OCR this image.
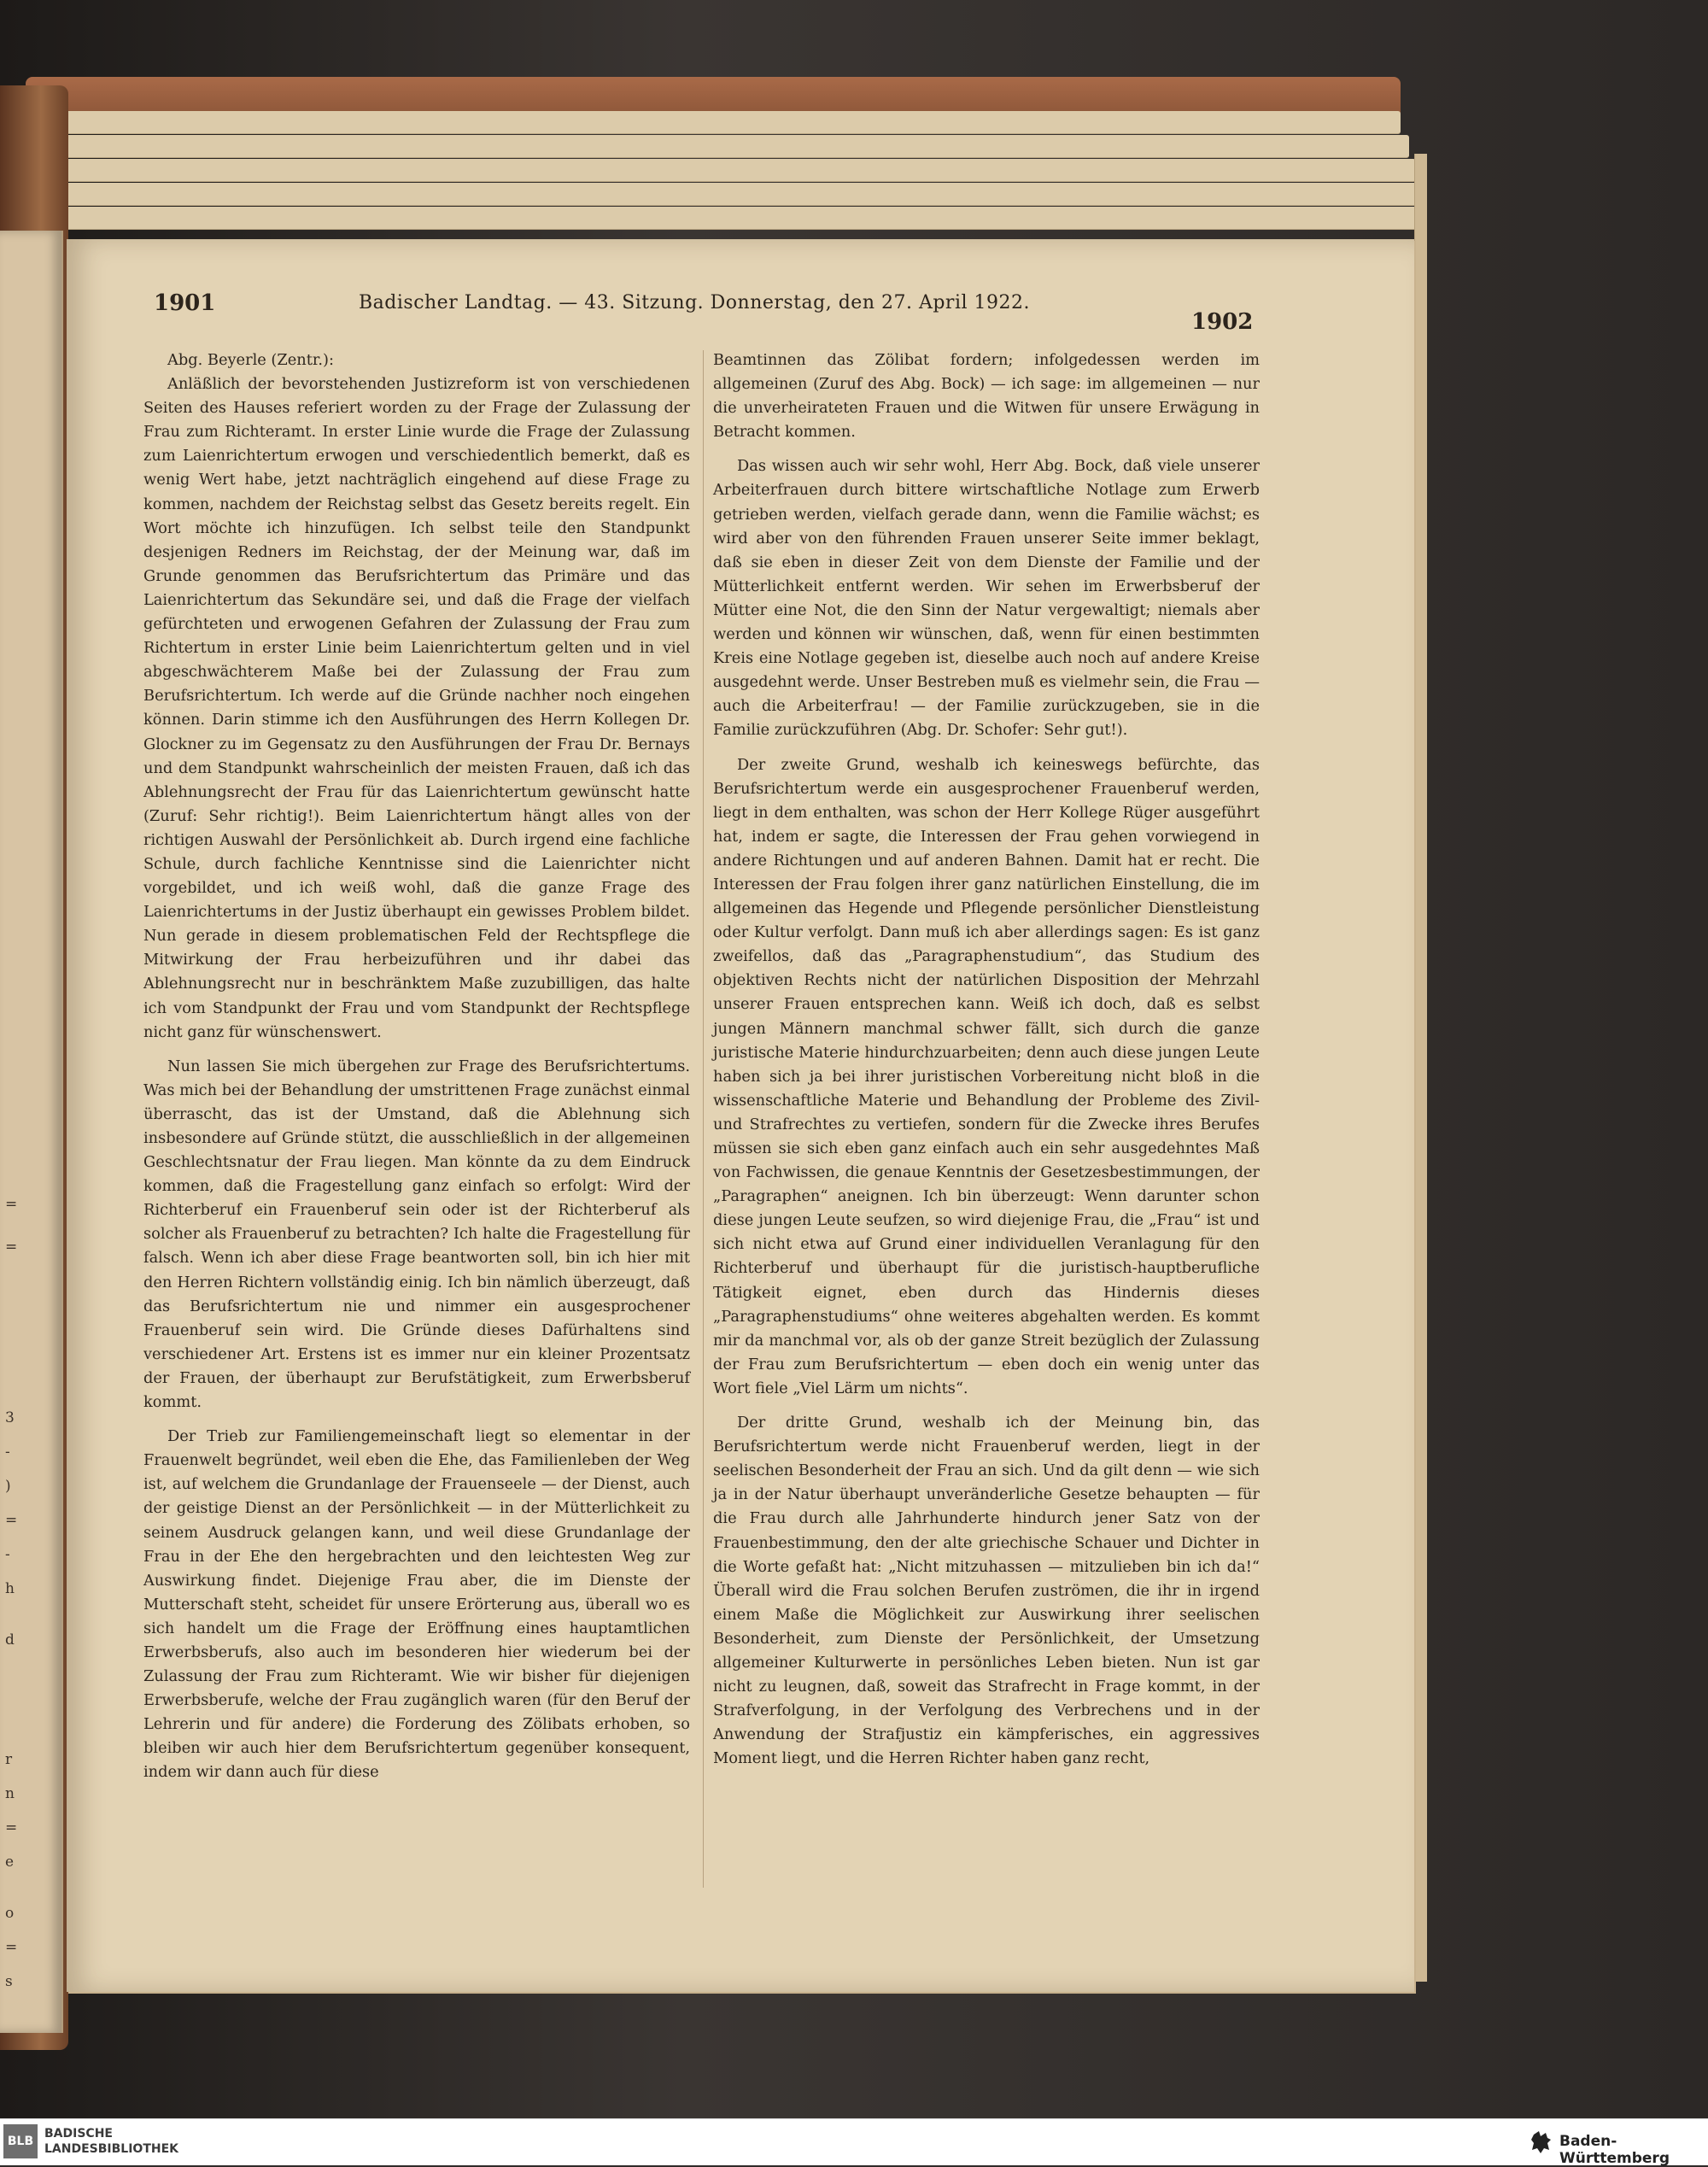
=
=
3
-
)
=
-
h
d
r
n
=
e
o
=
s
1901	Badischer Landtag. — 43. Sitzung. Donnerstag, den 27. April 1922.
1902

Abg. Beyerle (Zentr.):

Anläßlich der bevorstehenden Justizreform ist von verschiedenen Seiten des Hauses referiert worden zu der Frage der Zulassung der Frau zum Richteramt. In erster Linie wurde die Frage der Zulassung zum Laienrichtertum erwogen und verschiedentlich bemerkt, daß es wenig Wert habe, jetzt nachträglich eingehend auf diese Frage zu kommen, nachdem der Reichstag selbst das Gesetz bereits regelt. Ein Wort möchte ich hinzufügen. Ich selbst teile den Standpunkt desjenigen Redners im Reichstag, der der Meinung war, daß im Grunde genommen das Berufsrichtertum das Primäre und das Laienrichtertum das Sekundäre sei, und daß die Frage der vielfach gefürchteten und erwogenen Gefahren der Zulassung der Frau zum Richtertum in erster Linie beim Laienrichtertum gelten und in viel abgeschwächterem Maße bei der Zulassung der Frau zum Berufsrichtertum. Ich werde auf die Gründe nachher noch eingehen können. Darin stimme ich den Ausführungen des Herrn Kollegen Dr. Glockner zu im Gegensatz zu den Ausführungen der Frau Dr. Bernays und dem Standpunkt wahrscheinlich der meisten Frauen, daß ich das Ablehnungsrecht der Frau für das Laienrichtertum gewünscht hatte (Zuruf: Sehr richtig!). Beim Laienrichtertum hängt alles von der richtigen Auswahl der Persönlichkeit ab. Durch irgend eine fachliche Schule, durch fachliche Kenntnisse sind die Laienrichter nicht vorgebildet, und ich weiß wohl, daß die ganze Frage des Laienrichtertums in der Justiz überhaupt ein gewisses Problem bildet. Nun gerade in diesem problematischen Feld der Rechtspflege die Mitwirkung der Frau herbeizuführen und ihr dabei das Ablehnungsrecht nur in beschränktem Maße zuzubilligen, das halte ich vom Standpunkt der Frau und vom Standpunkt der Rechtspflege nicht ganz für wünschenswert.

Nun lassen Sie mich übergehen zur Frage des Berufsrichtertums. Was mich bei der Behandlung der umstrittenen Frage zunächst einmal überrascht, das ist der Umstand, daß die Ablehnung sich insbesondere auf Gründe stützt, die ausschließlich in der allgemeinen Geschlechtsnatur der Frau liegen. Man könnte da zu dem Eindruck kommen, daß die Fragestellung ganz einfach so erfolgt: Wird der Richterberuf ein Frauenberuf sein oder ist der Richterberuf als solcher als Frauenberuf zu betrachten? Ich halte die Fragestellung für falsch. Wenn ich aber diese Frage beantworten soll, bin ich hier mit den Herren Richtern vollständig einig. Ich bin nämlich überzeugt, daß das Berufsrichtertum nie und nimmer ein ausgesprochener Frauenberuf sein wird. Die Gründe dieses Dafürhaltens sind verschiedener Art. Erstens ist es immer nur ein kleiner Prozentsatz der Frauen, der überhaupt zur Berufstätigkeit, zum Erwerbsberuf kommt.

Der Trieb zur Familiengemeinschaft liegt so elementar in der Frauenwelt begründet, weil eben die Ehe, das Familienleben der Weg ist, auf welchem die Grundanlage der Frauenseele — der Dienst, auch der geistige Dienst an der Persönlichkeit — in der Mütterlichkeit zu seinem Ausdruck gelangen kann, und weil diese Grundanlage der Frau in der Ehe den hergebrachten und den leichtesten Weg zur Auswirkung findet. Diejenige Frau aber, die im Dienste der Mutterschaft steht, scheidet für unsere Erörterung aus, überall wo es sich handelt um die Frage der Eröffnung eines hauptamtlichen Erwerbsberufs, also auch im besonderen hier wiederum bei der Zulassung der Frau zum Richteramt. Wie wir bisher für diejenigen Erwerbsberufe, welche der Frau zugänglich waren (für den Beruf der Lehrerin und für andere) die Forderung des Zölibats erhoben, so bleiben wir auch hier dem Berufsrichtertum gegenüber konsequent, indem wir dann auch für diese

Beamtinnen das Zölibat fordern; infolgedessen werden im allgemeinen (Zuruf des Abg. Bock) — ich sage: im allgemeinen — nur die unverheirateten Frauen und die Witwen für unsere Erwägung in Betracht kommen.

Das wissen auch wir sehr wohl, Herr Abg. Bock, daß viele unserer Arbeiterfrauen durch bittere wirtschaftliche Notlage zum Erwerb getrieben werden, vielfach gerade dann, wenn die Familie wächst; es wird aber von den führenden Frauen unserer Seite immer beklagt, daß sie eben in dieser Zeit von dem Dienste der Familie und der Mütterlichkeit entfernt werden. Wir sehen im Erwerbsberuf der Mütter eine Not, die den Sinn der Natur vergewaltigt; niemals aber werden und können wir wünschen, daß, wenn für einen bestimmten Kreis eine Notlage gegeben ist, dieselbe auch noch auf andere Kreise ausgedehnt werde. Unser Bestreben muß es vielmehr sein, die Frau — auch die Arbeiterfrau! — der Familie zurückzugeben, sie in die Familie zurückzuführen (Abg. Dr. Schofer: Sehr gut!).

Der zweite Grund, weshalb ich keineswegs befürchte, das Berufsrichtertum werde ein ausgesprochener Frauenberuf werden, liegt in dem enthalten, was schon der Herr Kollege Rüger ausgeführt hat, indem er sagte, die Interessen der Frau gehen vorwiegend in andere Richtungen und auf anderen Bahnen. Damit hat er recht. Die Interessen der Frau folgen ihrer ganz natürlichen Einstellung, die im allgemeinen das Hegende und Pflegende persönlicher Dienstleistung oder Kultur verfolgt. Dann muß ich aber allerdings sagen: Es ist ganz zweifellos, daß das „Paragraphenstudium“, das Studium des objektiven Rechts nicht der natürlichen Disposition der Mehrzahl unserer Frauen entsprechen kann. Weiß ich doch, daß es selbst jungen Männern manchmal schwer fällt, sich durch die ganze juristische Materie hindurchzuarbeiten; denn auch diese jungen Leute haben sich ja bei ihrer juristischen Vorbereitung nicht bloß in die wissenschaftliche Materie und Behandlung der Probleme des Zivil- und Strafrechtes zu vertiefen, sondern für die Zwecke ihres Berufes müssen sie sich eben ganz einfach auch ein sehr ausgedehntes Maß von Fachwissen, die genaue Kenntnis der Gesetzesbestimmungen, der „Paragraphen“ aneignen. Ich bin überzeugt: Wenn darunter schon diese jungen Leute seufzen, so wird diejenige Frau, die „Frau“ ist und sich nicht etwa auf Grund einer individuellen Veranlagung für den Richterberuf und überhaupt für die juristisch-hauptberufliche Tätigkeit eignet, eben durch das Hindernis dieses „Paragraphenstudiums“ ohne weiteres abgehalten werden. Es kommt mir da manchmal vor, als ob der ganze Streit bezüglich der Zulassung der Frau zum Berufsrichtertum — eben doch ein wenig unter das Wort fiele „Viel Lärm um nichts“.

Der dritte Grund, weshalb ich der Meinung bin, das Berufsrichtertum werde nicht Frauenberuf werden, liegt in der seelischen Besonderheit der Frau an sich. Und da gilt denn — wie sich ja in der Natur überhaupt unveränderliche Gesetze behaupten — für die Frau durch alle Jahrhunderte hindurch jener Satz von der Frauenbestimmung, den der alte griechische Schauer und Dichter in die Worte gefaßt hat: „Nicht mitzuhassen — mitzulieben bin ich da!“ Überall wird die Frau solchen Berufen zuströmen, die ihr in irgend einem Maße die Möglichkeit zur Auswirkung ihrer seelischen Besonderheit, zum Dienste der Persönlichkeit, der Umsetzung allgemeiner Kulturwerte in persönliches Leben bieten. Nun ist gar nicht zu leugnen, daß, soweit das Strafrecht in Frage kommt, in der Strafverfolgung, in der Verfolgung des Verbrechens und in der Anwendung der Strafjustiz ein kämpferisches, ein aggressives Moment liegt, und die Herren Richter haben ganz recht,

BLB
BADISCHE
LANDESBIBLIOTHEK	Baden-Württemberg
